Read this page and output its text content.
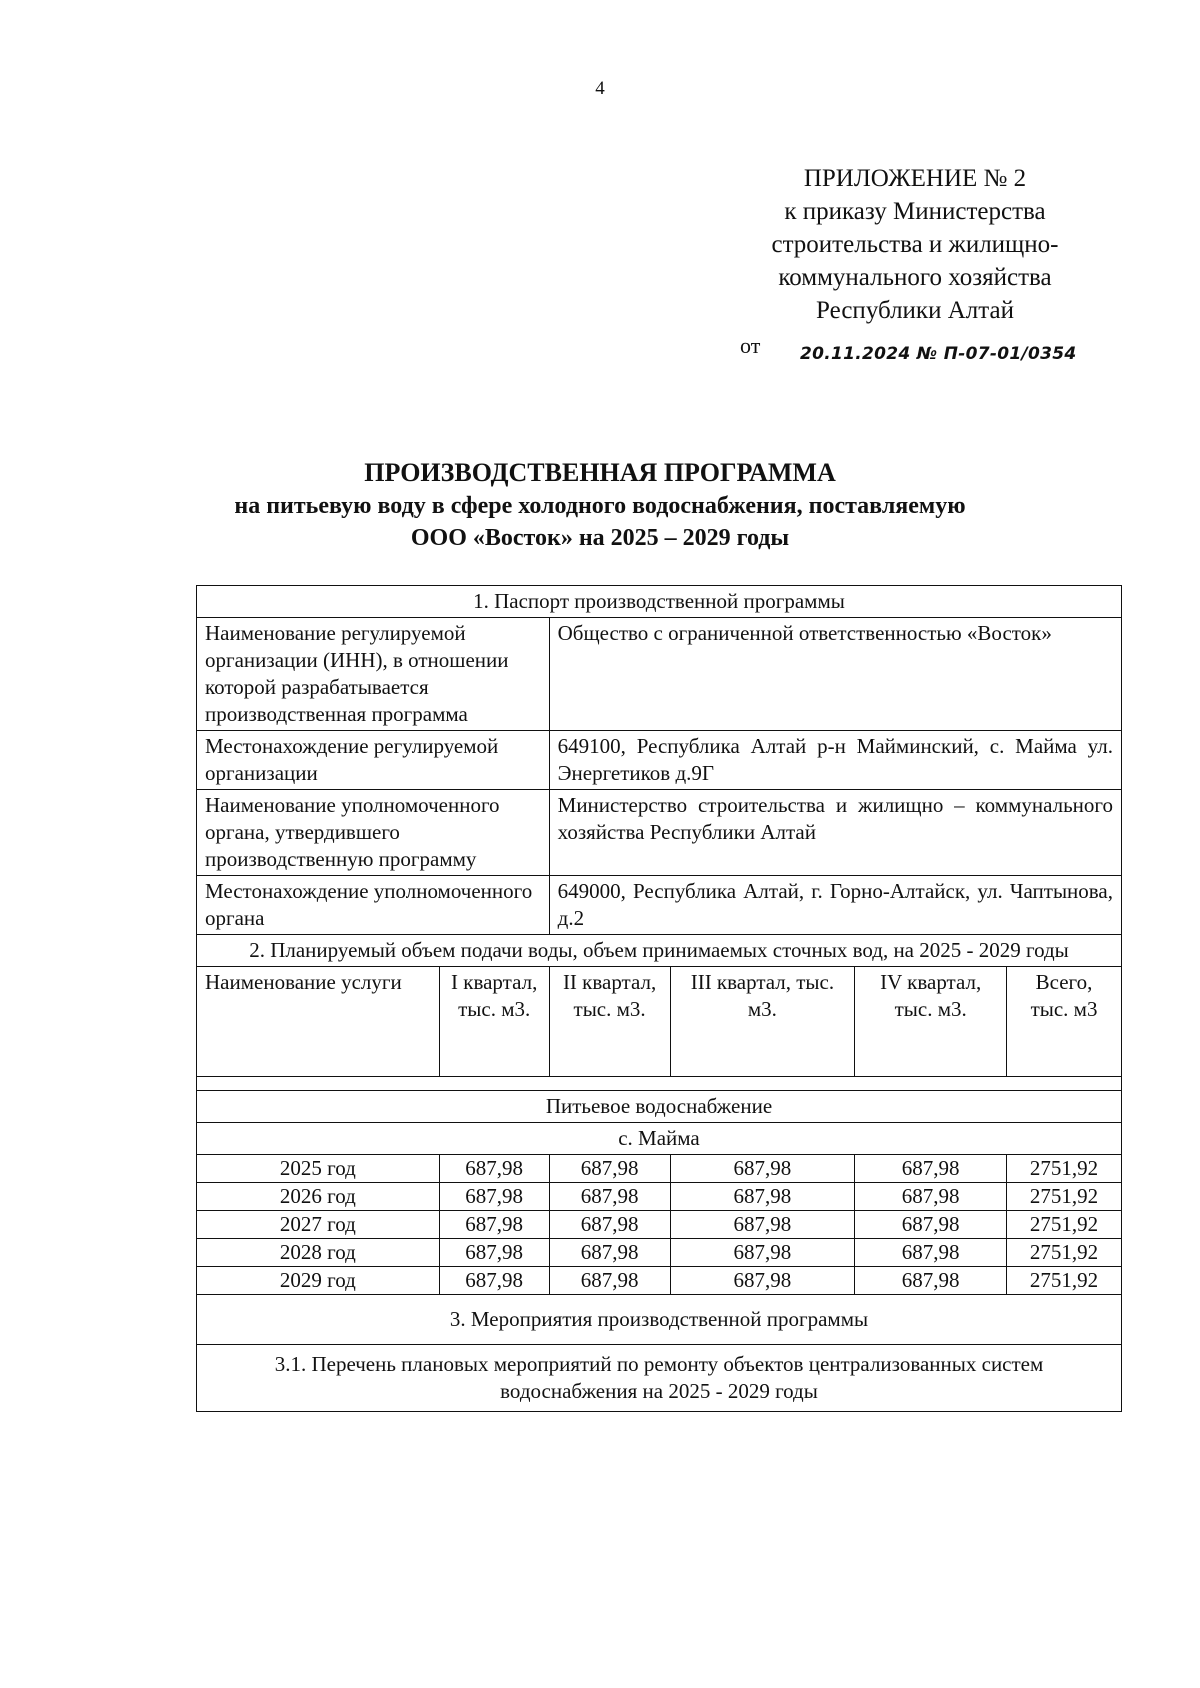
4
ПРИЛОЖЕНИЕ № 2
к приказу Министерства
строительства и жилищно-
коммунального хозяйства
Республики Алтай
от 20.11.2024 № П-07-01/0354
ПРОИЗВОДСТВЕННАЯ ПРОГРАММА
на питьевую воду в сфере холодного водоснабжения, поставляемую
ООО «Восток» на 2025 – 2029 годы
1. Паспорт производственной программы					
Наименование регулируемой организации (ИНН), в отношении которой разрабатывается производственная программа		Общество с ограниченной ответственностью «Восток»			
Местонахождение регулируемой организации		649100, Республика Алтай р-н Майминский, с. Майма ул. Энергетиков д.9Г			
Наименование уполномоченного органа, утвердившего производственную программу		Министерство строительства и жилищно – коммунального хозяйства Республики Алтай			
Местонахождение уполномоченного органа		649000, Республика Алтай, г. Горно-Алтайск, ул. Чаптынова, д.2			
2. Планируемый объем подачи воды, объем принимаемых сточных вод, на 2025 - 2029 годы					
Наименование услуги	I квартал, тыс. м3.	II квартал, тыс. м3.	III квартал, тыс. м3.	IV квартал, тыс. м3.	Всего, тыс. м3

Питьевое водоснабжение					
с. Майма					
2025 год	687,98	687,98	687,98	687,98	2751,92
2026 год	687,98	687,98	687,98	687,98	2751,92
2027 год	687,98	687,98	687,98	687,98	2751,92
2028 год	687,98	687,98	687,98	687,98	2751,92
2029 год	687,98	687,98	687,98	687,98	2751,92
3. Мероприятия производственной программы					
3.1. Перечень плановых мероприятий по ремонту объектов централизованных систем водоснабжения на 2025 - 2029 годы					
